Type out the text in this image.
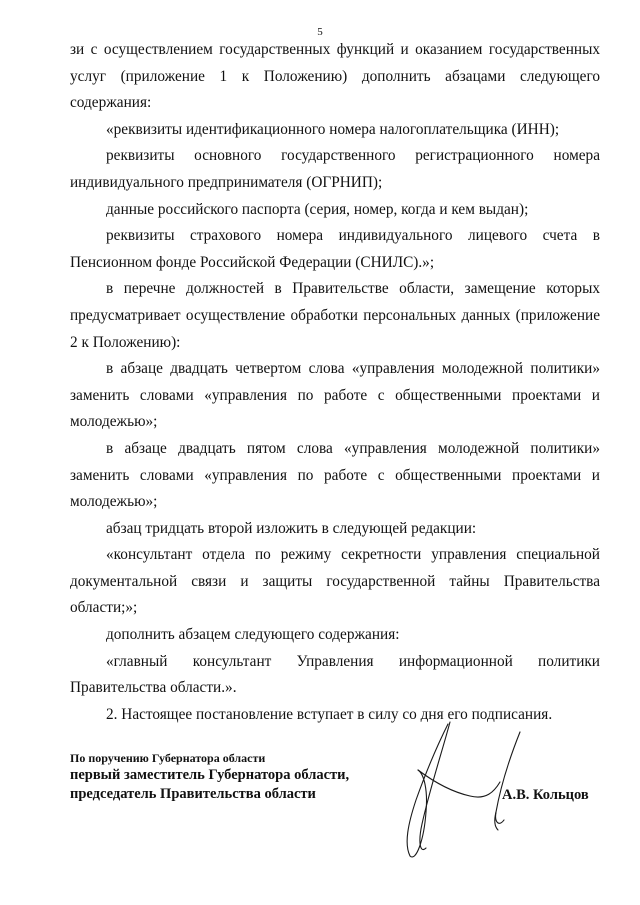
5

зи с осуществлением государственных функций и оказанием государственных услуг (приложение 1 к Положению) дополнить абзацами следующего содержания:

«реквизиты идентификационного номера налогоплательщика (ИНН);

реквизиты основного государственного регистрационного номера индивидуального предпринимателя (ОГРНИП);

данные российского паспорта (серия, номер, когда и кем выдан);

реквизиты страхового номера индивидуального лицевого счета в Пенсионном фонде Российской Федерации (СНИЛС).»;

в перечне должностей в Правительстве области, замещение которых предусматривает осуществление обработки персональных данных (приложение 2 к Положению):

в абзаце двадцать четвертом слова «управления молодежной политики» заменить словами «управления по работе с общественными проектами и молодежью»;

в абзаце двадцать пятом слова «управления молодежной политики» заменить словами «управления по работе с общественными проектами и молодежью»;

абзац тридцать второй изложить в следующей редакции:

«консультант отдела по режиму секретности управления специальной документальной связи и защиты государственной тайны Правительства области;»;

дополнить абзацем следующего содержания:

«главный консультант Управления информационной политики Правительства области.».

2. Настоящее постановление вступает в силу со дня его подписания.

По поручению Губернатора области
первый заместитель Губернатора области,
председатель Правительства области	А.В. Кольцов
